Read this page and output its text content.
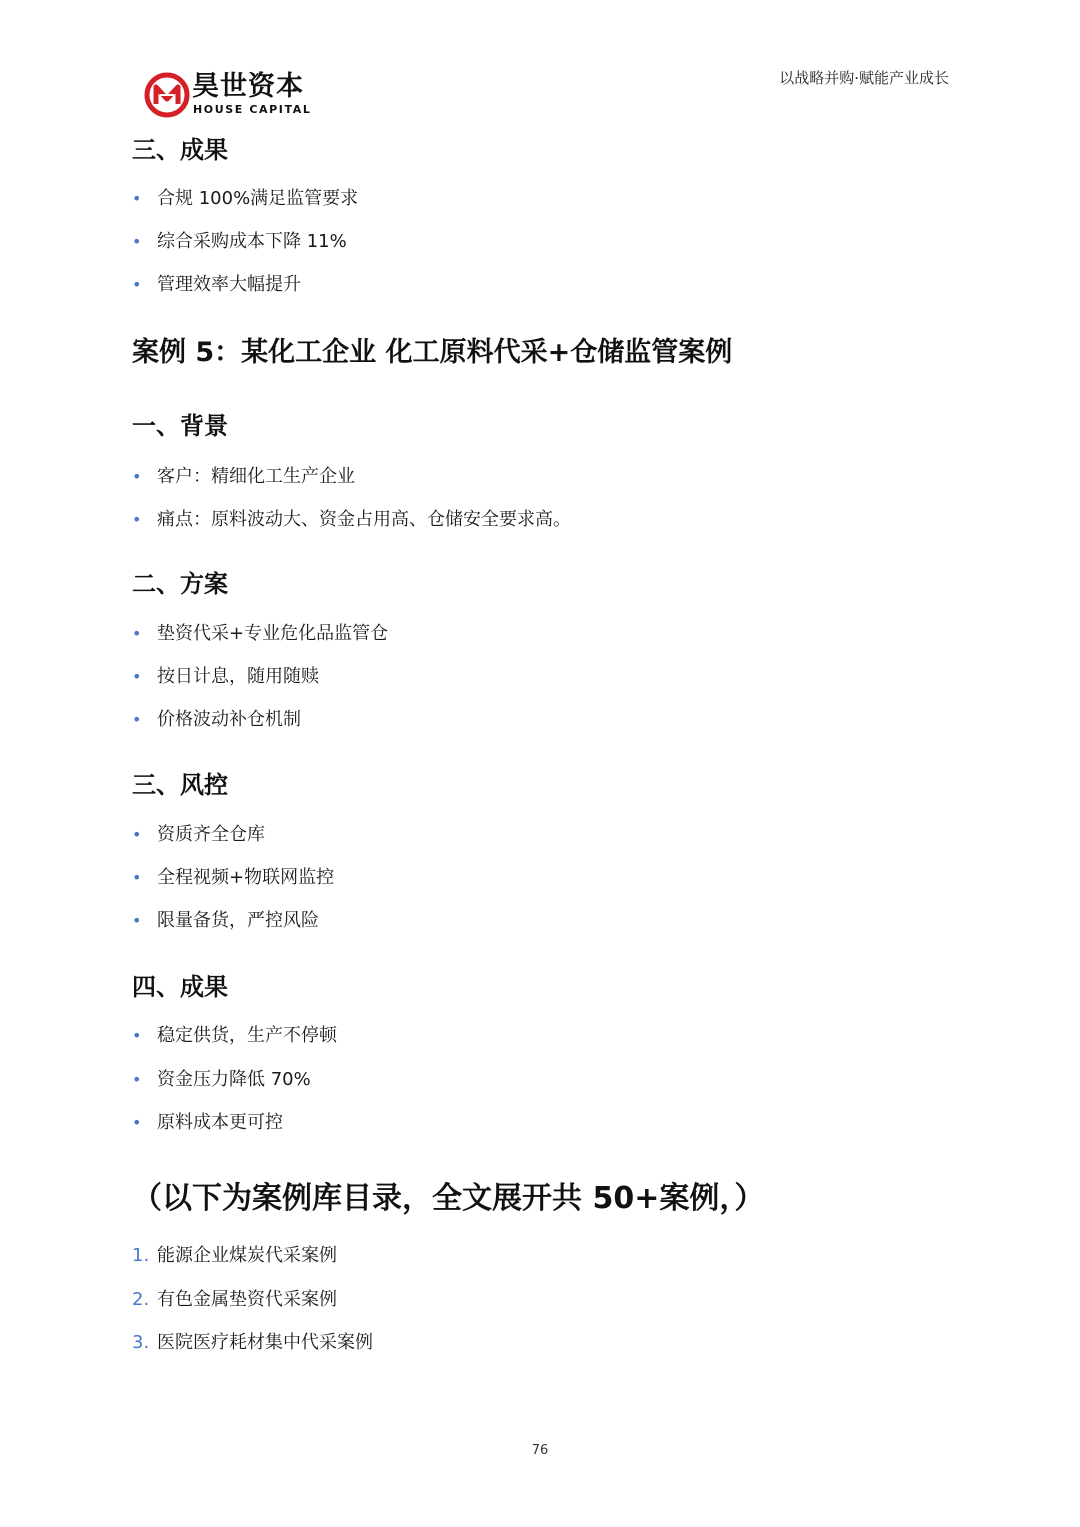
昊世资本
HOUSE CAPITAL
以战略并购·赋能产业成长
三、成果
• 合规 100%满足监管要求
• 综合采购成本下降 11%
• 管理效率大幅提升
案例 5：某化工企业 化工原料代采+仓储监管案例
一、背景
• 客户：精细化工生产企业
• 痛点：原料波动大、资金占用高、仓储安全要求高。
二、方案
• 垫资代采+专业危化品监管仓
• 按日计息，随用随赎
• 价格波动补仓机制
三、风控
• 资质齐全仓库
• 全程视频+物联网监控
• 限量备货，严控风险
四、成果
• 稳定供货，生产不停顿
• 资金压力降低 70%
• 原料成本更可控
（以下为案例库目录，全文展开共 50+案例，）
1. 能源企业煤炭代采案例
2. 有色金属垫资代采案例
3. 医院医疗耗材集中代采案例
76
